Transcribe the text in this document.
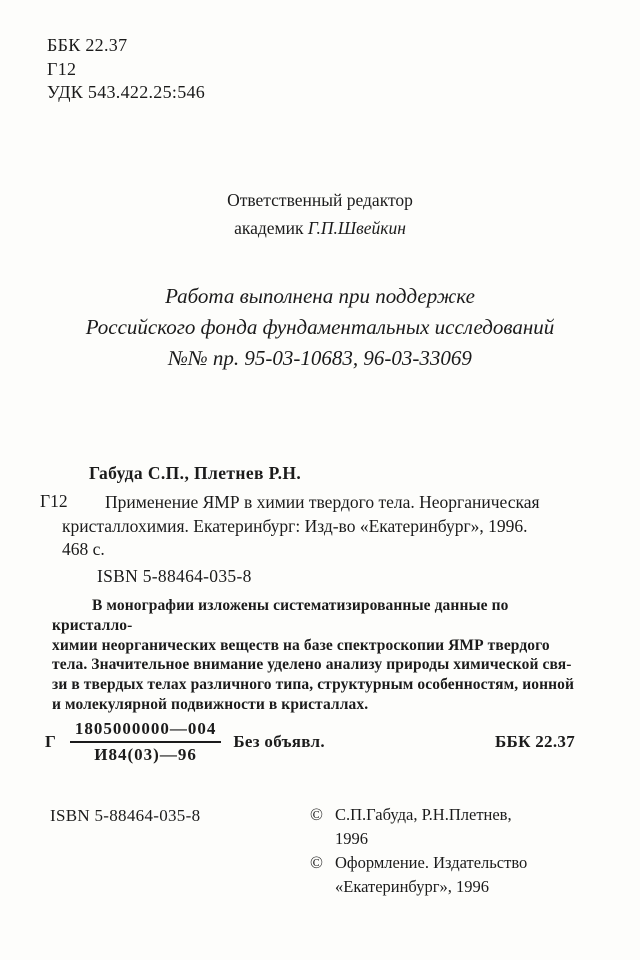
ББК 22.37
Г12
УДК 543.422.25:546
Ответственный редактор
академик Г.П.Швейкин
Работа выполнена при поддержке
Российского фонда фундаментальных исследований
№№ пр. 95-03-10683, 96-03-33069
Габуда С.П., Плетнев Р.Н.
Г12	Применение ЯМР в химии твердого тела. Неорганическая
кристаллохимия. Екатеринбург: Изд-во «Екатеринбург», 1996.
468 с.
ISBN 5-88464-035-8
В монографии изложены систематизированные данные по кристалло-
химии неорганических веществ на базе спектроскопии ЯМР твердого
тела. Значительное внимание уделено анализу природы химической свя-
зи в твердых телах различного типа, структурным особенностям, ионной
и молекулярной подвижности в кристаллах.
Г $\frac{1805000000—004}{И84(03)—96}$ Без объявл.	ББК 22.37
ISBN 5-88464-035-8	© С.П.Габуда, Р.Н.Плетнев,
1996
© Оформление. Издательство
«Екатеринбург», 1996
